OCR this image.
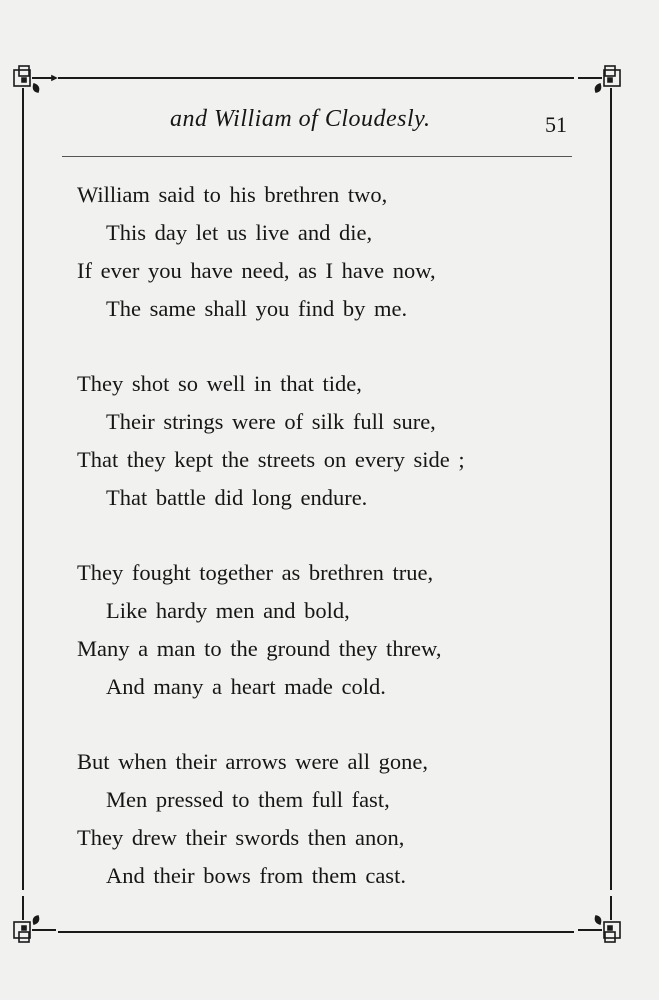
and William of Cloudesly.	51
William said to his brethren two,
This day let us live and die,
If ever you have need, as I have now,
The same shall you find by me.
They shot so well in that tide,
Their strings were of silk full sure,
That they kept the streets on every side ;
That battle did long endure.
They fought together as brethren true,
Like hardy men and bold,
Many a man to the ground they threw,
And many a heart made cold.
But when their arrows were all gone,
Men pressed to them full fast,
They drew their swords then anon,
And their bows from them cast.
